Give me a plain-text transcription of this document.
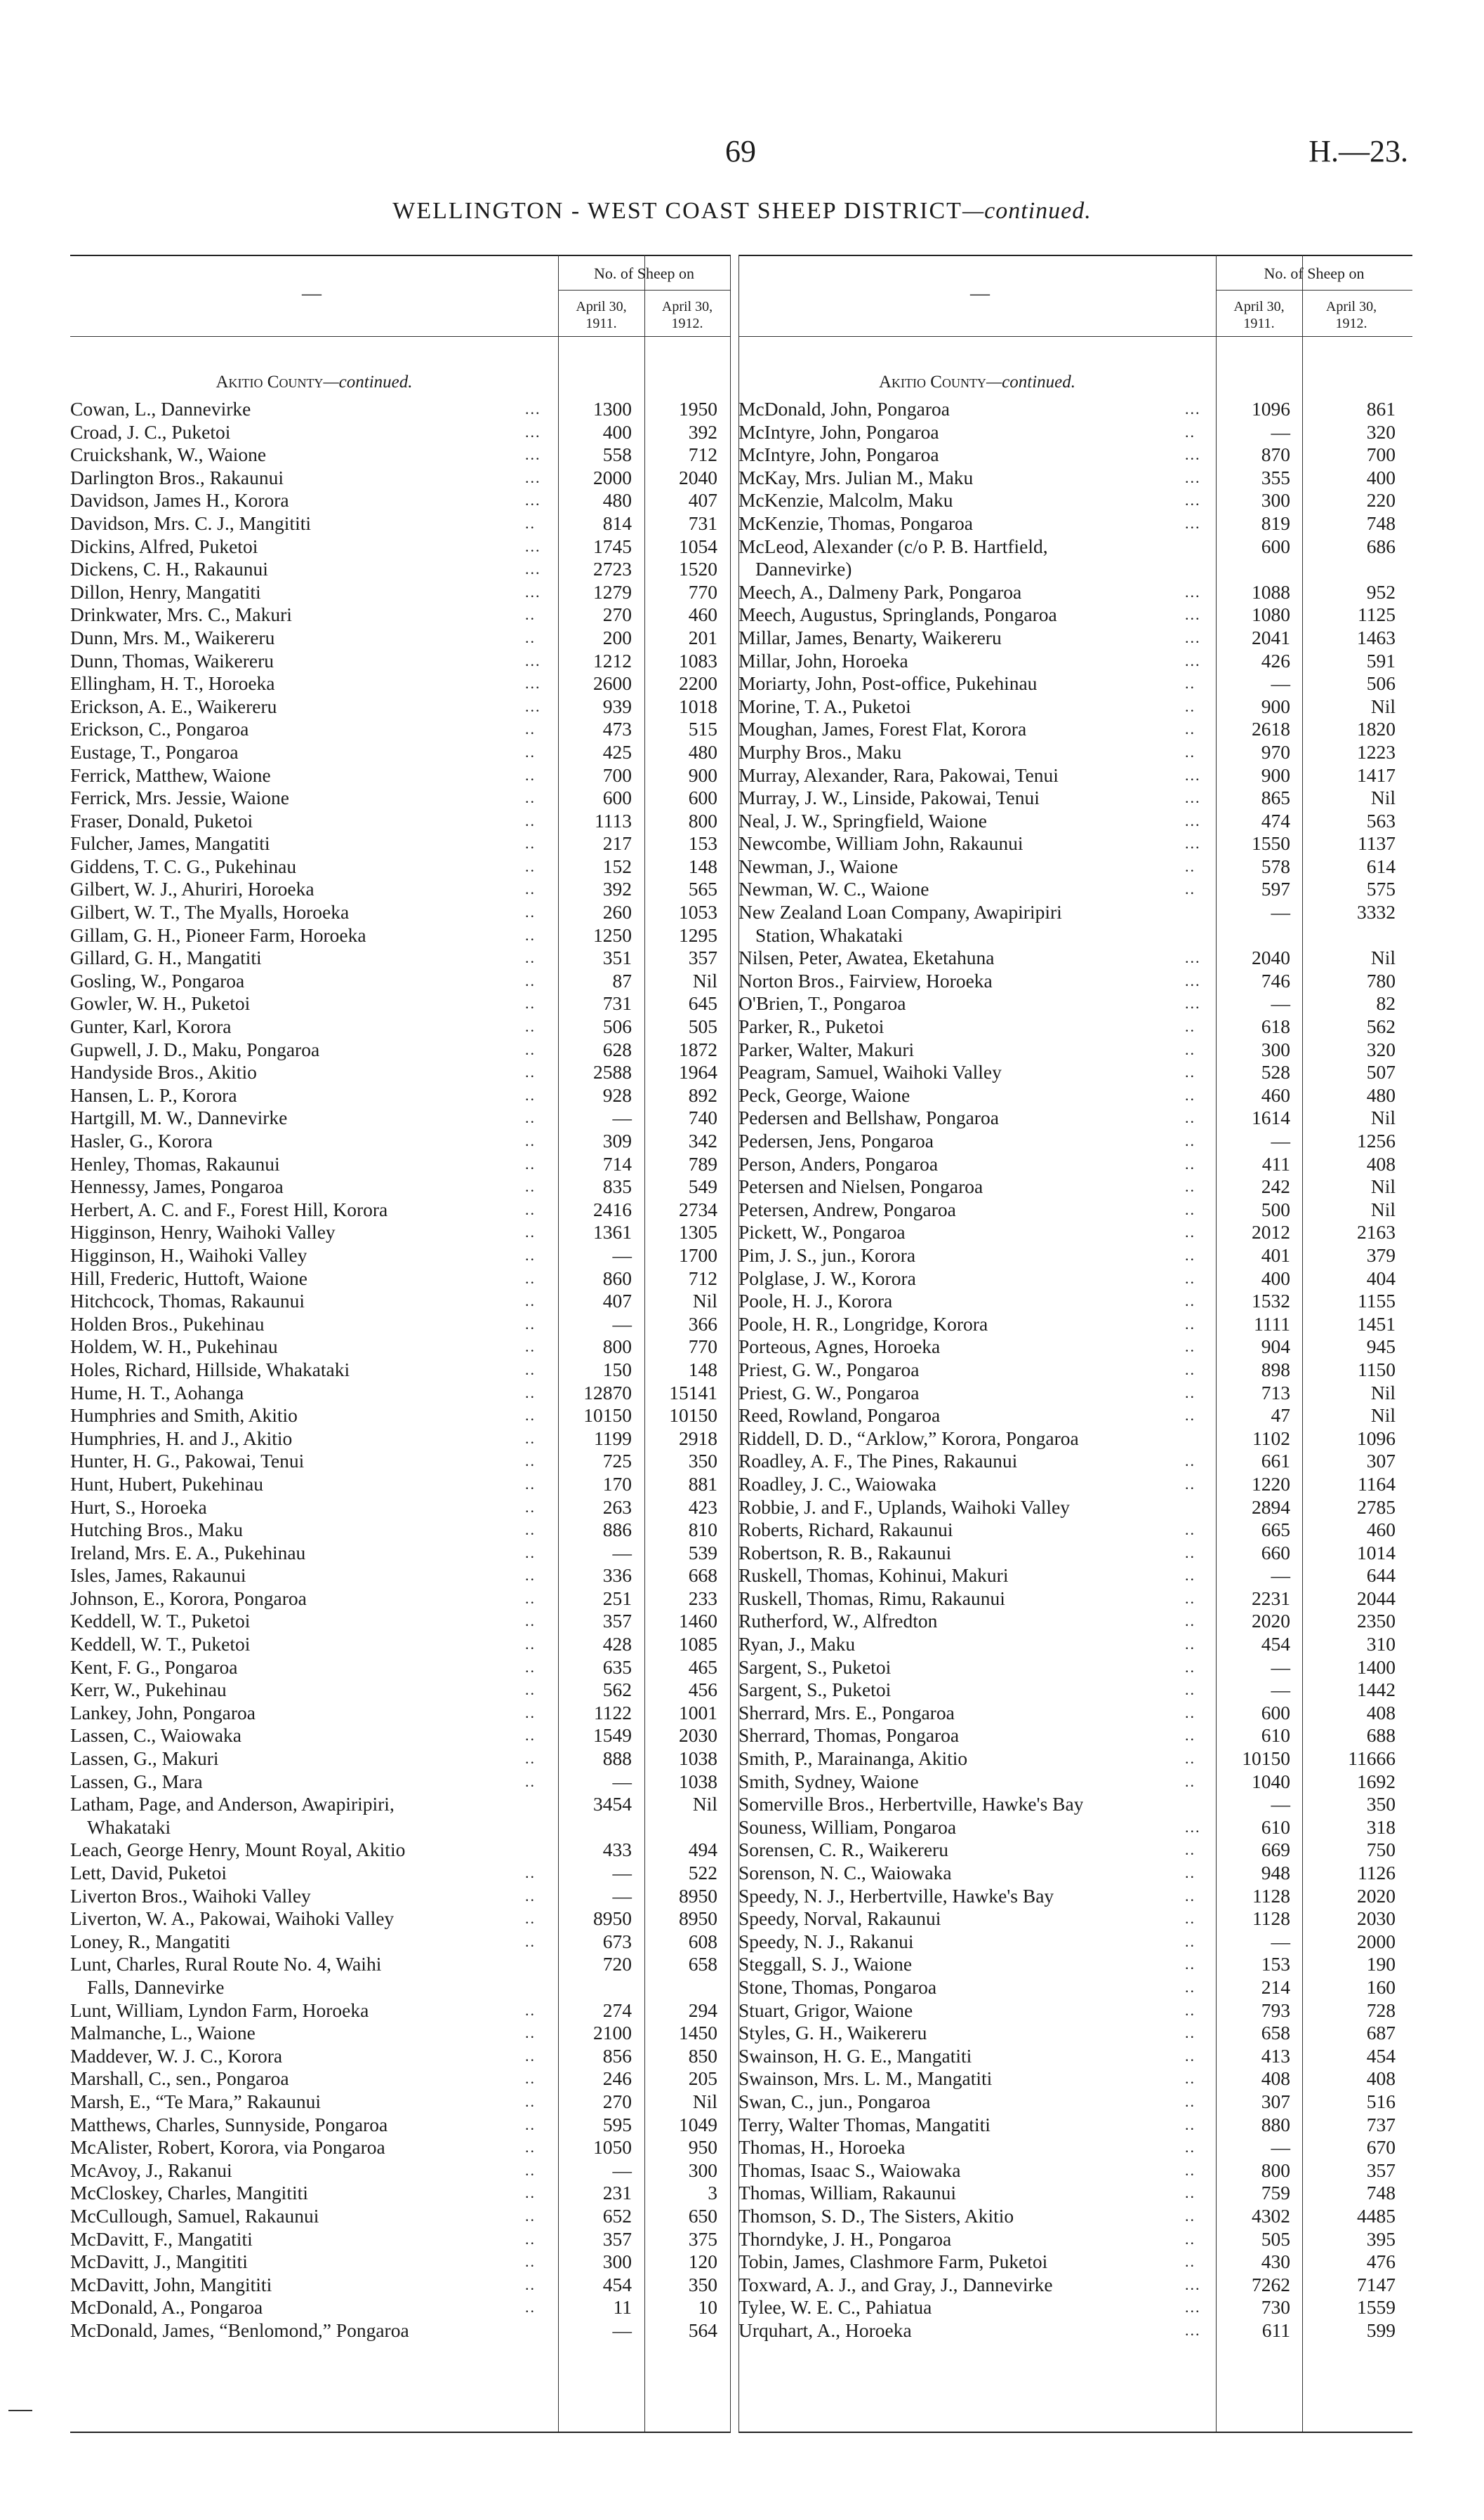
69	H.—23.
WELLINGTON - WEST COAST SHEEP DISTRICT—continued.
—
No. of Sheep on
April 30,
1911.
April 30,
1912.
Akitio County—continued.
Cowan, L., Dannevirke	...	1300	1950
Croad, J. C., Puketoi	...	400	392
Cruickshank, W., Waione	...	558	712
Darlington Bros., Rakaunui	...	2000	2040
Davidson, James H., Korora	...	480	407
Davidson, Mrs. C. J., Mangititi	..	814	731
Dickins, Alfred, Puketoi	...	1745	1054
Dickens, C. H., Rakaunui	...	2723	1520
Dillon, Henry, Mangatiti	...	1279	770
Drinkwater, Mrs. C., Makuri	..	270	460
Dunn, Mrs. M., Waikereru	..	200	201
Dunn, Thomas, Waikereru	...	1212	1083
Ellingham, H. T., Horoeka	...	2600	2200
Erickson, A. E., Waikereru	...	939	1018
Erickson, C., Pongaroa	..	473	515
Eustage, T., Pongaroa	..	425	480
Ferrick, Matthew, Waione	..	700	900
Ferrick, Mrs. Jessie, Waione	..	600	600
Fraser, Donald, Puketoi	..	1113	800
Fulcher, James, Mangatiti	..	217	153
Giddens, T. C. G., Pukehinau	..	152	148
Gilbert, W. J., Ahuriri, Horoeka	..	392	565
Gilbert, W. T., The Myalls, Horoeka	..	260	1053
Gillam, G. H., Pioneer Farm, Horoeka	..	1250	1295
Gillard, G. H., Mangatiti	..	351	357
Gosling, W., Pongaroa	..	87	Nil
Gowler, W. H., Puketoi	..	731	645
Gunter, Karl, Korora	..	506	505
Gupwell, J. D., Maku, Pongaroa	..	628	1872
Handyside Bros., Akitio	..	2588	1964
Hansen, L. P., Korora	..	928	892
Hartgill, M. W., Dannevirke	..	—	740
Hasler, G., Korora	..	309	342
Henley, Thomas, Rakaunui	..	714	789
Hennessy, James, Pongaroa	..	835	549
Herbert, A. C. and F., Forest Hill, Korora	..	2416	2734
Higginson, Henry, Waihoki Valley	..	1361	1305
Higginson, H., Waihoki Valley	..	—	1700
Hill, Frederic, Huttoft, Waione	..	860	712
Hitchcock, Thomas, Rakaunui	..	407	Nil
Holden Bros., Pukehinau	..	—	366
Holdem, W. H., Pukehinau	..	800	770
Holes, Richard, Hillside, Whakataki	..	150	148
Hume, H. T., Aohanga	..	12870	15141
Humphries and Smith, Akitio	..	10150	10150
Humphries, H. and J., Akitio	..	1199	2918
Hunter, H. G., Pakowai, Tenui	..	725	350
Hunt, Hubert, Pukehinau	..	170	881
Hurt, S., Horoeka	..	263	423
Hutching Bros., Maku	..	886	810
Ireland, Mrs. E. A., Pukehinau	..	—	539
Isles, James, Rakaunui	..	336	668
Johnson, E., Korora, Pongaroa	..	251	233
Keddell, W. T., Puketoi	..	357	1460
Keddell, W. T., Puketoi	..	428	1085
Kent, F. G., Pongaroa	..	635	465
Kerr, W., Pukehinau	..	562	456
Lankey, John, Pongaroa	..	1122	1001
Lassen, C., Waiowaka	..	1549	2030
Lassen, G., Makuri	..	888	1038
Lassen, G., Mara	..	—	1038
Latham, Page, and Anderson, Awapiripiri,	3454	Nil
Whakataki
Leach, George Henry, Mount Royal, Akitio	433	494
Lett, David, Puketoi	..	—	522
Liverton Bros., Waihoki Valley	..	—	8950
Liverton, W. A., Pakowai, Waihoki Valley	..	8950	8950
Loney, R., Mangatiti	..	673	608
Lunt, Charles, Rural Route No. 4, Waihi	720	658
Falls, Dannevirke
Lunt, William, Lyndon Farm, Horoeka	..	274	294
Malmanche, L., Waione	..	2100	1450
Maddever, W. J. C., Korora	..	856	850
Marshall, C., sen., Pongaroa	..	246	205
Marsh, E., “Te Mara,” Rakaunui	..	270	Nil
Matthews, Charles, Sunnyside, Pongaroa	..	595	1049
McAlister, Robert, Korora, via Pongaroa	..	1050	950
McAvoy, J., Rakanui	..	—	300
McCloskey, Charles, Mangititi	..	231	3
McCullough, Samuel, Rakaunui	..	652	650
McDavitt, F., Mangatiti	..	357	375
McDavitt, J., Mangititi	..	300	120
McDavitt, John, Mangititi	..	454	350
McDonald, A., Pongaroa	..	11	10
McDonald, James, “Benlomond,” Pongaroa	—	564
—
No. of Sheep on
April 30,
1911.
April 30,
1912.
Akitio County—continued.
McDonald, John, Pongaroa	...	1096	861
McIntyre, John, Pongaroa	..	—	320
McIntyre, John, Pongaroa	...	870	700
McKay, Mrs. Julian M., Maku	...	355	400
McKenzie, Malcolm, Maku	...	300	220
McKenzie, Thomas, Pongaroa	...	819	748
McLeod, Alexander (c/o P. B. Hartfield,	600	686
Dannevirke)
Meech, A., Dalmeny Park, Pongaroa	...	1088	952
Meech, Augustus, Springlands, Pongaroa	...	1080	1125
Millar, James, Benarty, Waikereru	...	2041	1463
Millar, John, Horoeka	...	426	591
Moriarty, John, Post-office, Pukehinau	..	—	506
Morine, T. A., Puketoi	..	900	Nil
Moughan, James, Forest Flat, Korora	..	2618	1820
Murphy Bros., Maku	..	970	1223
Murray, Alexander, Rara, Pakowai, Tenui	...	900	1417
Murray, J. W., Linside, Pakowai, Tenui	...	865	Nil
Neal, J. W., Springfield, Waione	...	474	563
Newcombe, William John, Rakaunui	...	1550	1137
Newman, J., Waione	..	578	614
Newman, W. C., Waione	..	597	575
New Zealand Loan Company, Awapiripiri	—	3332
Station, Whakataki
Nilsen, Peter, Awatea, Eketahuna	...	2040	Nil
Norton Bros., Fairview, Horoeka	...	746	780
O'Brien, T., Pongaroa	...	—	82
Parker, R., Puketoi	..	618	562
Parker, Walter, Makuri	..	300	320
Peagram, Samuel, Waihoki Valley	..	528	507
Peck, George, Waione	..	460	480
Pedersen and Bellshaw, Pongaroa	..	1614	Nil
Pedersen, Jens, Pongaroa	..	—	1256
Person, Anders, Pongaroa	..	411	408
Petersen and Nielsen, Pongaroa	..	242	Nil
Petersen, Andrew, Pongaroa	..	500	Nil
Pickett, W., Pongaroa	..	2012	2163
Pim, J. S., jun., Korora	..	401	379
Polglase, J. W., Korora	..	400	404
Poole, H. J., Korora	..	1532	1155
Poole, H. R., Longridge, Korora	..	1111	1451
Porteous, Agnes, Horoeka	..	904	945
Priest, G. W., Pongaroa	..	898	1150
Priest, G. W., Pongaroa	..	713	Nil
Reed, Rowland, Pongaroa	..	47	Nil
Riddell, D. D., “Arklow,” Korora, Pongaroa	1102	1096
Roadley, A. F., The Pines, Rakaunui	..	661	307
Roadley, J. C., Waiowaka	..	1220	1164
Robbie, J. and F., Uplands, Waihoki Valley	2894	2785
Roberts, Richard, Rakaunui	..	665	460
Robertson, R. B., Rakaunui	..	660	1014
Ruskell, Thomas, Kohinui, Makuri	..	—	644
Ruskell, Thomas, Rimu, Rakaunui	..	2231	2044
Rutherford, W., Alfredton	..	2020	2350
Ryan, J., Maku	..	454	310
Sargent, S., Puketoi	..	—	1400
Sargent, S., Puketoi	..	—	1442
Sherrard, Mrs. E., Pongaroa	..	600	408
Sherrard, Thomas, Pongaroa	..	610	688
Smith, P., Marainanga, Akitio	..	10150	11666
Smith, Sydney, Waione	..	1040	1692
Somerville Bros., Herbertville, Hawke's Bay	—	350
Souness, William, Pongaroa	...	610	318
Sorensen, C. R., Waikereru	..	669	750
Sorenson, N. C., Waiowaka	..	948	1126
Speedy, N. J., Herbertville, Hawke's Bay	..	1128	2020
Speedy, Norval, Rakaunui	..	1128	2030
Speedy, N. J., Rakanui	..	—	2000
Steggall, S. J., Waione	..	153	190
Stone, Thomas, Pongaroa	..	214	160
Stuart, Grigor, Waione	..	793	728
Styles, G. H., Waikereru	..	658	687
Swainson, H. G. E., Mangatiti	..	413	454
Swainson, Mrs. L. M., Mangatiti	..	408	408
Swan, C., jun., Pongaroa	..	307	516
Terry, Walter Thomas, Mangatiti	..	880	737
Thomas, H., Horoeka	..	—	670
Thomas, Isaac S., Waiowaka	..	800	357
Thomas, William, Rakaunui	..	759	748
Thomson, S. D., The Sisters, Akitio	..	4302	4485
Thorndyke, J. H., Pongaroa	..	505	395
Tobin, James, Clashmore Farm, Puketoi	..	430	476
Toxward, A. J., and Gray, J., Dannevirke	...	7262	7147
Tylee, W. E. C., Pahiatua	...	730	1559
Urquhart, A., Horoeka	...	611	599
